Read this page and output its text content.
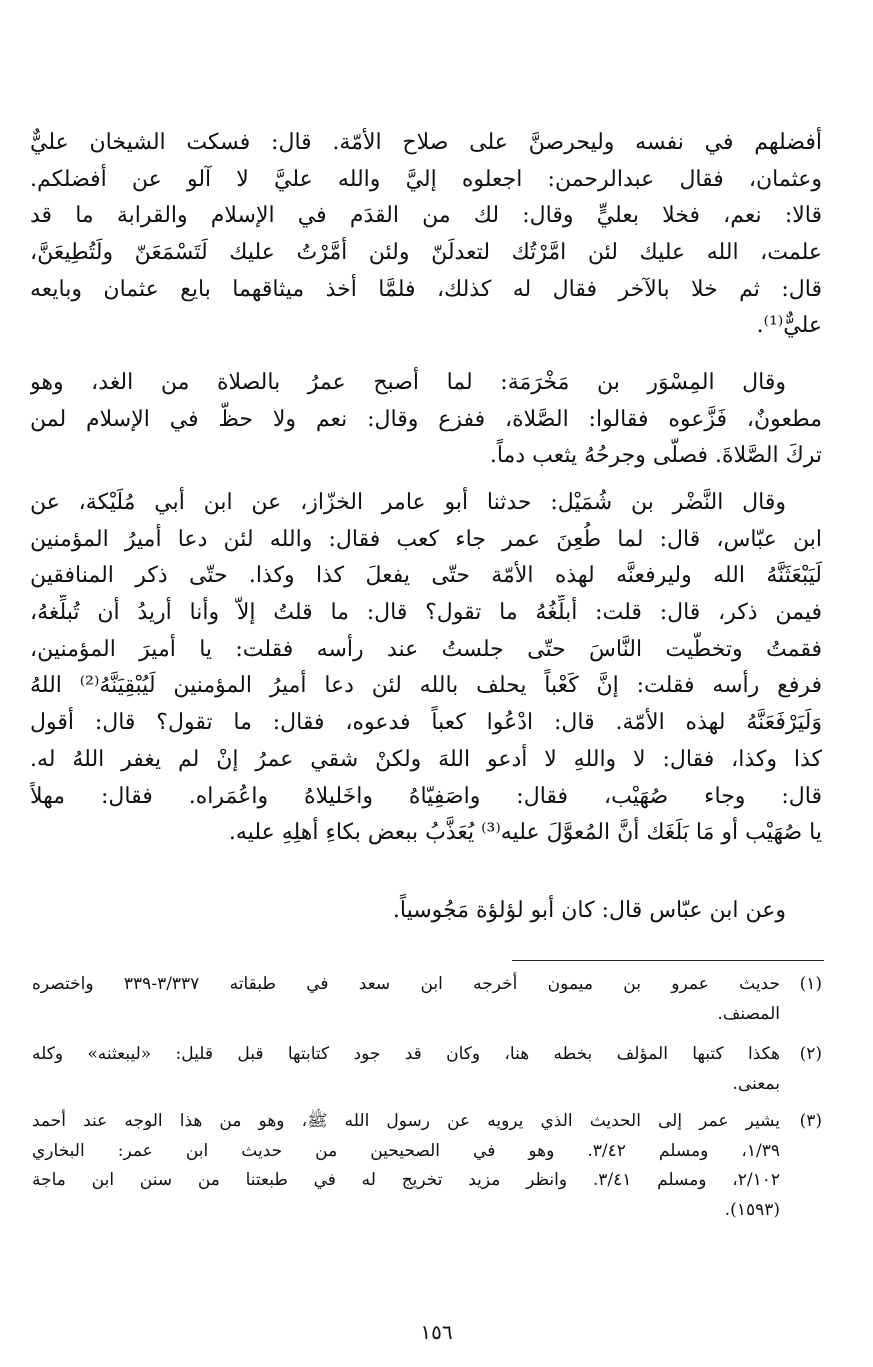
أفضلهم في نفسه وليحرصنَّ على صلاح الأمّة. قال: فسكت الشيخان عليٌّ
وعثمان، فقال عبدالرحمن: اجعلوه إليَّ والله عليَّ لا آلو عن أفضلكم.
قالا: نعم، فخلا بعليٍّ وقال: لك من القدَم في الإسلام والقرابة ما قد
علمت، الله عليك لئن امَّرْتُك لتعدلَنّ ولئن أمَّرْتُ عليك لَتَسْمَعَنّ ولَتُطِيعَنَّ،
قال: ثم خلا بالآخر فقال له كذلك، فلمَّا أخذ ميثاقهما بايع عثمان وبايعه
عليٌّ⁽¹⁾.
وقال المِسْوَر بن مَخْرَمَة: لما أصبح عمرُ بالصلاة من الغد، وهو
مطعونٌ، فَزَّعوه فقالوا: الصَّلاة، ففزع وقال: نعم ولا حظَّ في الإسلام لمن
تركَ الصَّلاةَ. فصلّى وجرحُهُ يثعب دماً.
وقال النَّضْر بن شُمَيْل: حدثنا أبو عامر الخزّاز، عن ابن أبي مُلَيْكة، عن
ابن عبّاس، قال: لما طُعِنَ عمر جاء كعب فقال: والله لئن دعا أميرُ المؤمنين
لَيَبْعَثَنَّهُ الله وليرفعنَّه لهذه الأمّة حتّى يفعلَ كذا وكذا. حتّى ذكر المنافقين
فيمن ذكر، قال: قلت: أبلِّغُهُ ما تقول؟ قال: ما قلتُ إلاّ وأنا أريدُ أن تُبلِّغهُ،
فقمتُ وتخطَّيت النَّاسَ حتّى جلستُ عند رأسه فقلت: يا أميرَ المؤمنين،
فرفع رأسه فقلت: إنَّ كَعْباً يحلف بالله لئن دعا أميرُ المؤمنين لَيُبْقِيَنَّهُ⁽²⁾ اللهُ
وَلَيَرْفَعَنَّهُ لهذه الأمّة. قال: ادْعُوا كعباً فدعوه، فقال: ما تقول؟ قال: أقول
كذا وكذا، فقال: لا واللهِ لا أدعو اللهَ ولكنْ شقي عمرُ إنْ لم يغفر اللهُ له.
قال: وجاء صُهَيْب، فقال: واصَفِيّاهُ واخَليلاهُ واعُمَراه. فقال: مهلاً
يا صُهَيْب أو مَا بَلَغَك أنَّ المُعوَّلَ عليه⁽³⁾ يُعَذَّبُ ببعض بكاءِ أهلِهِ عليه.
وعن ابن عبّاس قال: كان أبو لؤلؤة مَجُوسياً.
(١)
حديث عمرو بن ميمون أخرجه ابن سعد في طبقاته ٣/٣٣٧-٣٣٩ واختصره
المصنف.
(٢)
هكذا كتبها المؤلف بخطه هنا، وكان قد جود كتابتها قبل قليل: «ليبعثنه» وكله
بمعنى.
(٣)
يشير عمر إلى الحديث الذي يرويه عن رسول الله ﷺ، وهو من هذا الوجه عند أحمد
١/٣٩، ومسلم ٣/٤٢. وهو في الصحيحين من حديث ابن عمر: البخاري
٢/١٠٢، ومسلم ٣/٤١. وانظر مزيد تخريج له في طبعتنا من سنن ابن ماجة
(١٥٩٣).
١٥٦
